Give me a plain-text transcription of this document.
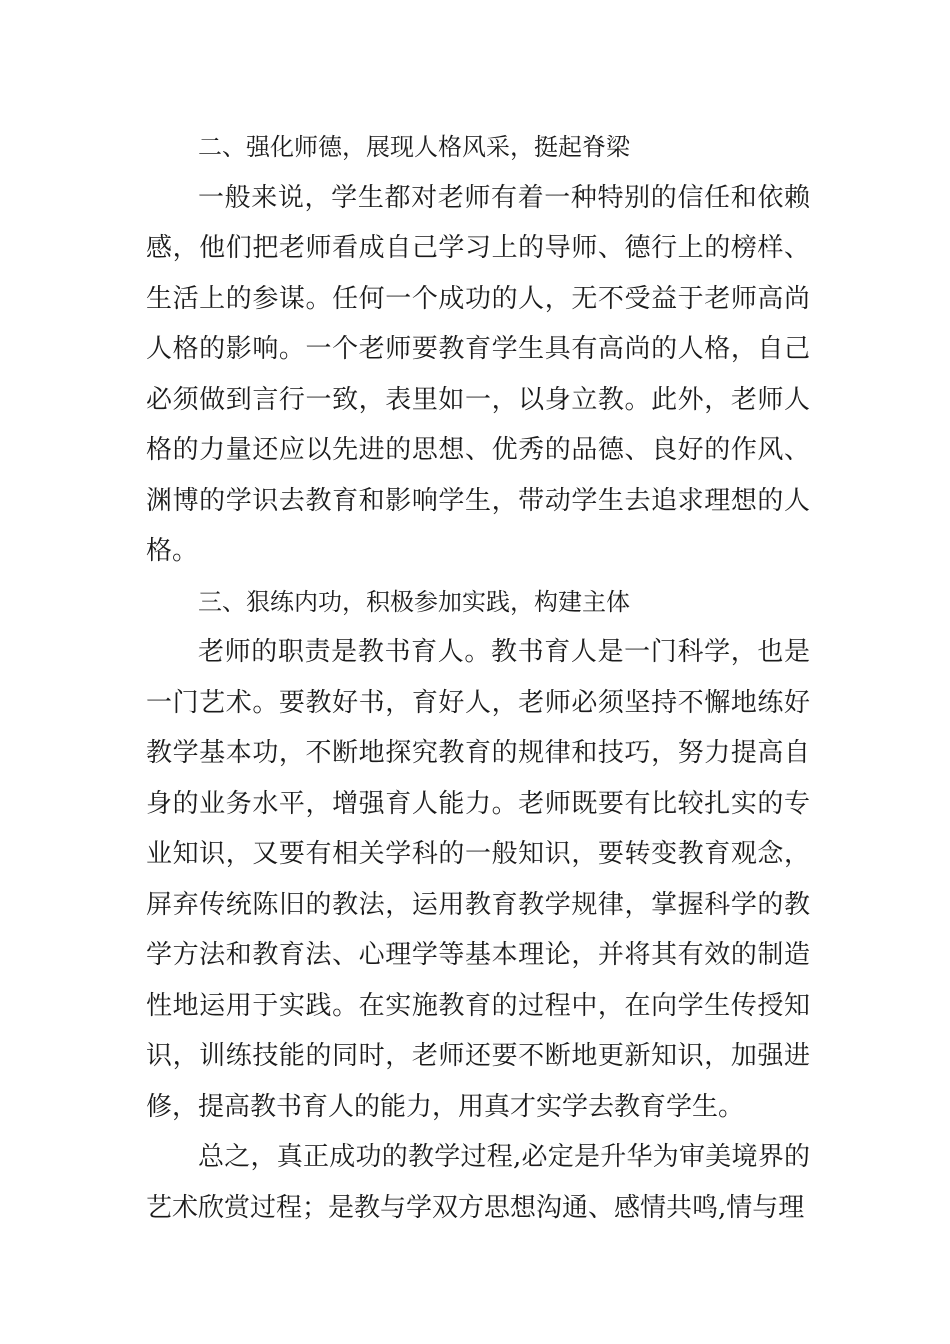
二、强化师德，展现人格风采，挺起脊梁

一般来说，学生都对老师有着一种特别的信任和依赖感，他们把老师看成自己学习上的导师、德行上的榜样、生活上的参谋。任何一个成功的人，无不受益于老师高尚人格的影响。一个老师要教育学生具有高尚的人格，自己必须做到言行一致，表里如一，以身立教。此外，老师人格的力量还应以先进的思想、优秀的品德、良好的作风、渊博的学识去教育和影响学生，带动学生去追求理想的人格。

三、狠练内功，积极参加实践，构建主体

老师的职责是教书育人。教书育人是一门科学，也是一门艺术。要教好书，育好人，老师必须坚持不懈地练好教学基本功，不断地探究教育的规律和技巧，努力提高自身的业务水平，增强育人能力。老师既要有比较扎实的专业知识，又要有相关学科的一般知识，要转变教育观念，屏弃传统陈旧的教法，运用教育教学规律，掌握科学的教学方法和教育法、心理学等基本理论，并将其有效的制造性地运用于实践。在实施教育的过程中，在向学生传授知识，训练技能的同时，老师还要不断地更新知识，加强进修，提高教书育人的能力，用真才实学去教育学生。

总之，真正成功的教学过程,必定是升华为审美境界的艺术欣赏过程；是教与学双方思想沟通、感情共鸣,情与理
